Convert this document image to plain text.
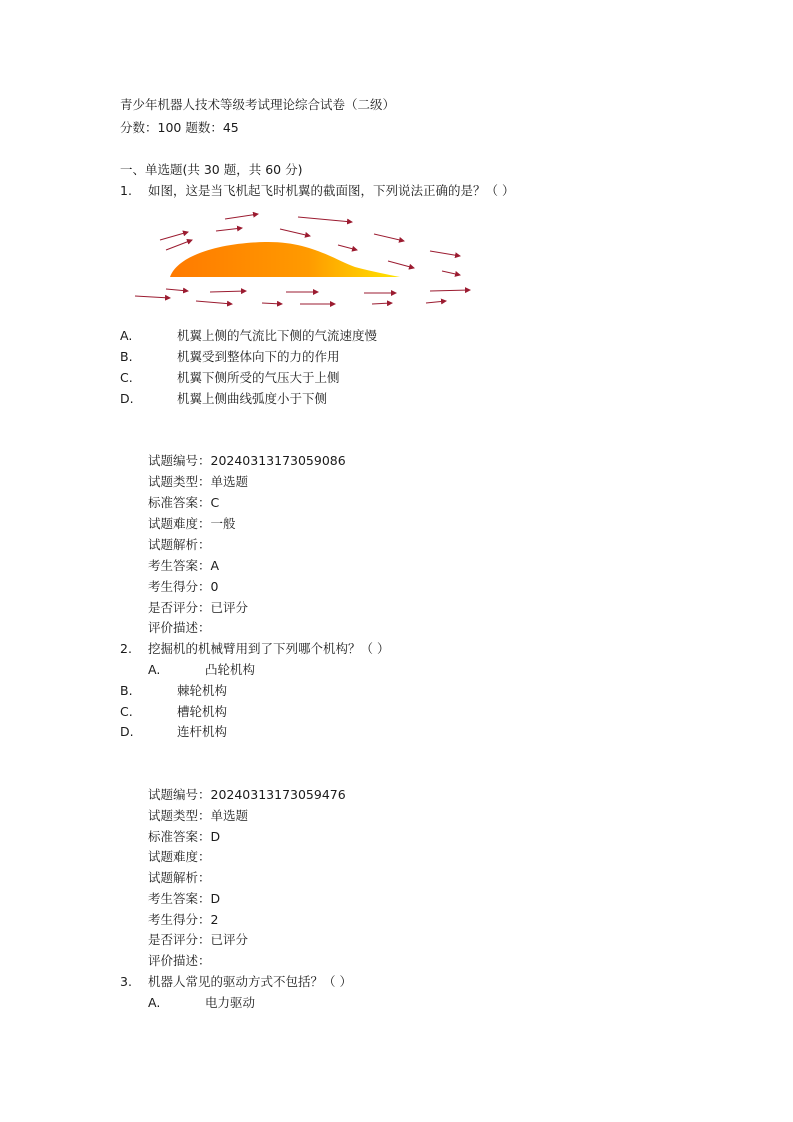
青少年机器人技术等级考试理论综合试卷（二级）
分数：100 题数：45
一、单选题(共 30 题，共 60 分)
1. 如图，这是当飞机起飞时机翼的截面图，下列说法正确的是？（ ）
A.	机翼上侧的气流比下侧的气流速度慢
B.	机翼受到整体向下的力的作用
C.	机翼下侧所受的气压大于上侧
D.	机翼上侧曲线弧度小于下侧
试题编号：20240313173059086
试题类型：单选题
标准答案：C
试题难度：一般
试题解析：
考生答案：A
考生得分：0
是否评分：已评分
评价描述：
2. 挖掘机的机械臂用到了下列哪个机构？（ ）
A.	凸轮机构
B.	棘轮机构
C.	槽轮机构
D.	连杆机构
试题编号：20240313173059476
试题类型：单选题
标准答案：D
试题难度：
试题解析：
考生答案：D
考生得分：2
是否评分：已评分
评价描述：
3. 机器人常见的驱动方式不包括？（ ）
A.	电力驱动
